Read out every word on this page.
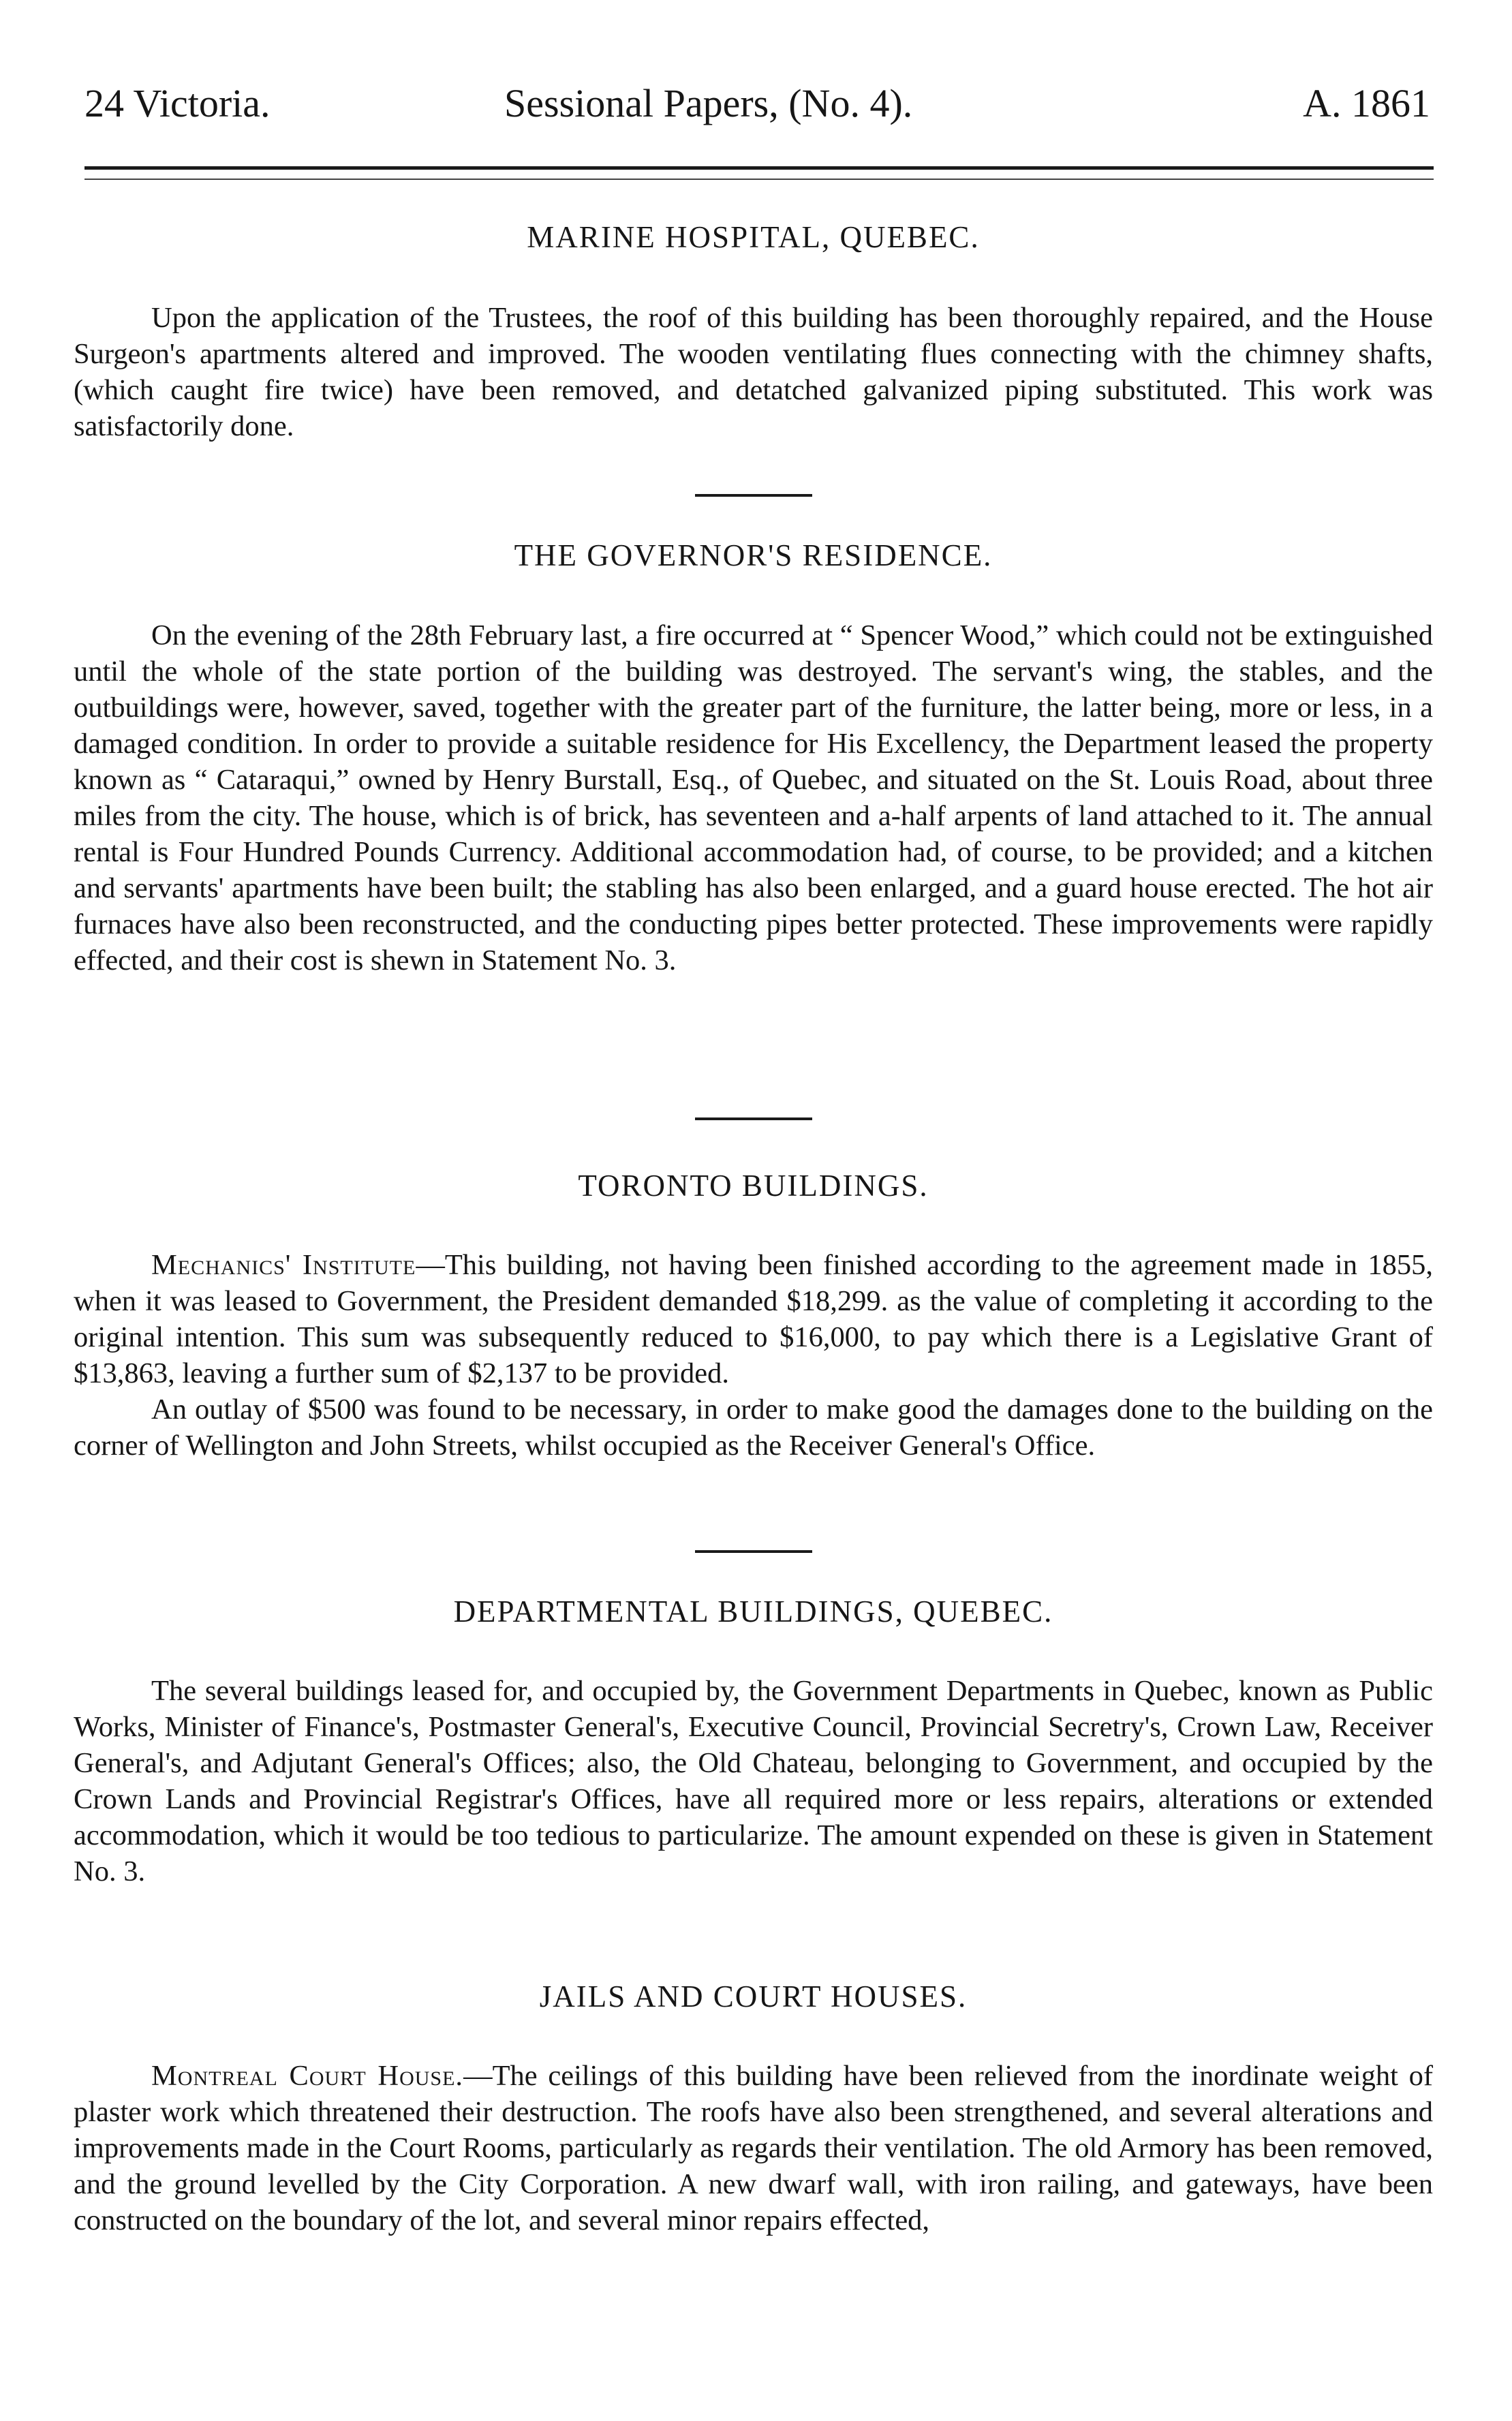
24 Victoria.	Sessional Papers, (No. 4).	A. 1861
MARINE HOSPITAL, QUEBEC.

Upon the application of the Trustees, the roof of this building has been thoroughly repaired, and the House Surgeon's apartments altered and improved. The wooden ventilating flues connecting with the chimney shafts, (which caught fire twice) have been removed, and detatched galvanized piping substituted. This work was satisfactorily done.

THE GOVERNOR'S RESIDENCE.

On the evening of the 28th February last, a fire occurred at “ Spencer Wood,” which could not be extinguished until the whole of the state portion of the building was destroyed. The servant's wing, the stables, and the outbuildings were, however, saved, together with the greater part of the furniture, the latter being, more or less, in a damaged condition. In order to provide a suitable residence for His Excellency, the Department leased the property known as “ Cataraqui,” owned by Henry Burstall, Esq., of Quebec, and situated on the St. Louis Road, about three miles from the city. The house, which is of brick, has seventeen and a-half arpents of land attached to it. The annual rental is Four Hundred Pounds Currency. Additional accommodation had, of course, to be provided; and a kitchen and servants' apartments have been built; the stabling has also been enlarged, and a guard house erected. The hot air furnaces have also been reconstructed, and the conducting pipes better protected. These improvements were rapidly effected, and their cost is shewn in Statement No. 3.

TORONTO BUILDINGS.

Mechanics' Institute—This building, not having been finished according to the agreement made in 1855, when it was leased to Government, the President demanded $18,299. as the value of completing it according to the original intention. This sum was subsequently reduced to $16,000, to pay which there is a Legislative Grant of $13,863, leaving a further sum of $2,137 to be provided.

An outlay of $500 was found to be necessary, in order to make good the damages done to the building on the corner of Wellington and John Streets, whilst occupied as the Receiver General's Office.

DEPARTMENTAL BUILDINGS, QUEBEC.

The several buildings leased for, and occupied by, the Government Departments in Quebec, known as Public Works, Minister of Finance's, Postmaster General's, Executive Council, Provincial Secretry's, Crown Law, Receiver General's, and Adjutant General's Offices; also, the Old Chateau, belonging to Government, and occupied by the Crown Lands and Provincial Registrar's Offices, have all required more or less repairs, alterations or extended accommodation, which it would be too tedious to particularize. The amount expended on these is given in Statement No. 3.

JAILS AND COURT HOUSES.

Montreal Court House.—The ceilings of this building have been relieved from the inordinate weight of plaster work which threatened their destruction. The roofs have also been strengthened, and several alterations and improvements made in the Court Rooms, particularly as regards their ventilation. The old Armory has been removed, and the ground levelled by the City Corporation. A new dwarf wall, with iron railing, and gateways, have been constructed on the boundary of the lot, and several minor repairs effected,
